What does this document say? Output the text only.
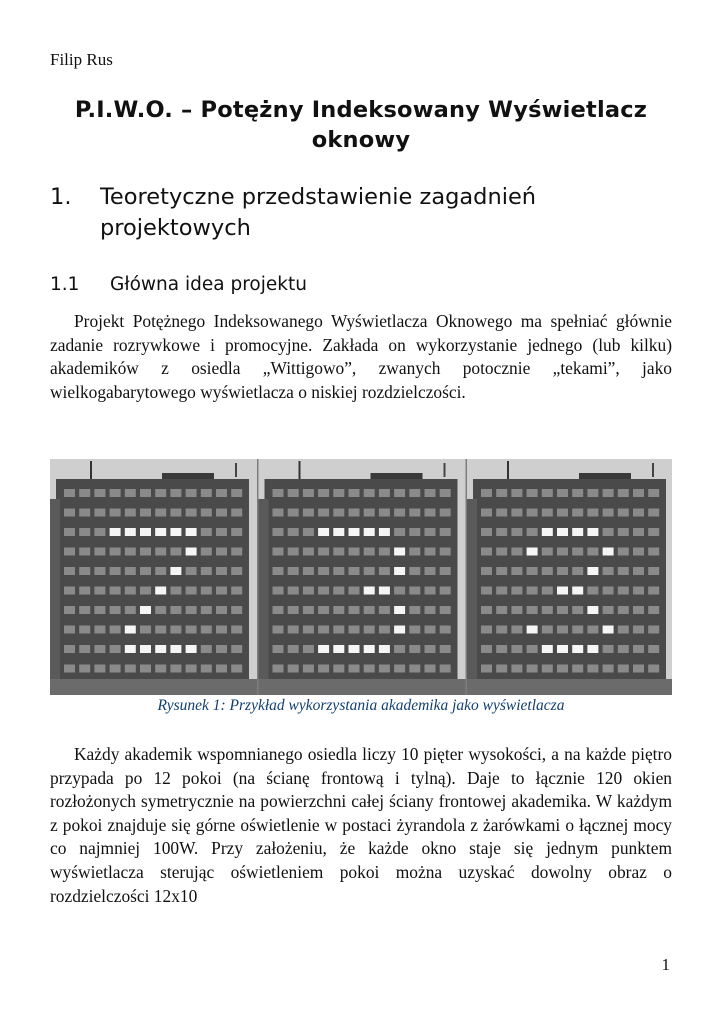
Filip Rus
P.I.W.O. – Potężny Indeksowany Wyświetlacz oknowy
1. Teoretyczne przedstawienie zagadnień projektowych
1.1 Główna idea projektu

Projekt Potężnego Indeksowanego Wyświetlacza Oknowego ma spełniać głównie zadanie rozrywkowe i promocyjne. Zakłada on wykorzystanie jednego (lub kilku) akademików z osiedla „Wittigowo”, zwanych potocznie „tekami”, jako wielkogabarytowego wyświetlacza o niskiej rozdzielczości.

Rysunek 1: Przykład wykorzystania akademika jako wyświetlacza

Każdy akademik wspomnianego osiedla liczy 10 pięter wysokości, a na każde piętro przypada po 12 pokoi (na ścianę frontową i tylną). Daje to łącznie 120 okien rozłożonych symetrycznie na powierzchni całej ściany frontowej akademika. W każdym z pokoi znajduje się górne oświetlenie w postaci żyrandola z żarówkami o łącznej mocy co najmniej 100W. Przy założeniu, że każde okno staje się jednym punktem wyświetlacza sterując oświetleniem pokoi można uzyskać dowolny obraz o rozdzielczości 12x10

1
